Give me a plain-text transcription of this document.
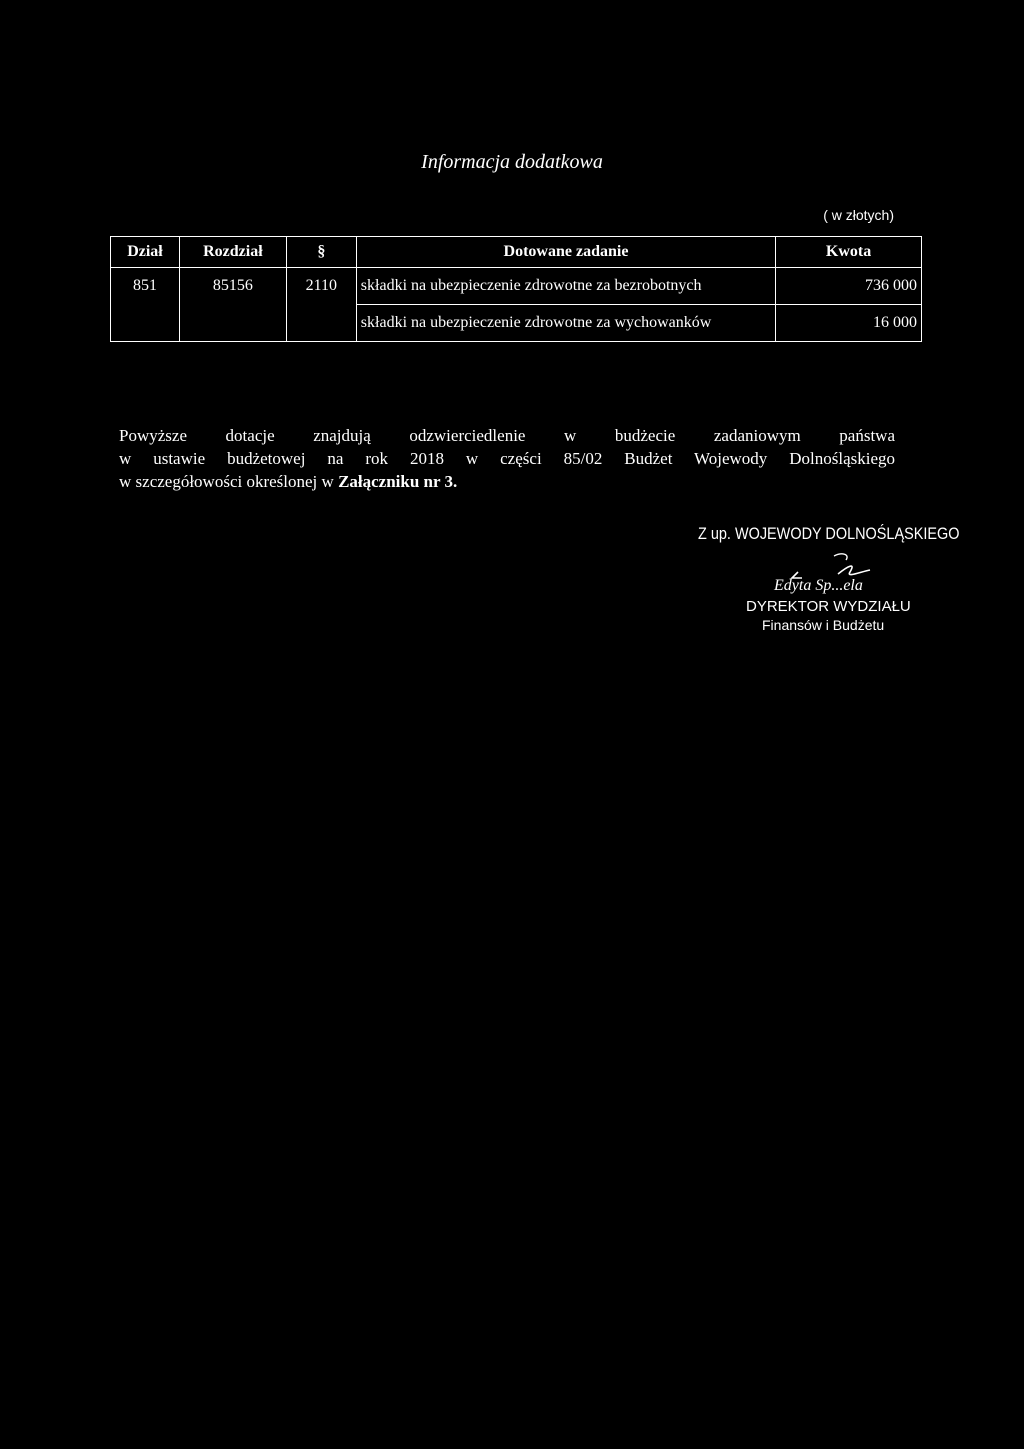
Informacja dodatkowa
( w złotych)
Dział	Rozdział	§	Dotowane zadanie	Kwota
851	85156	2110	składki na ubezpieczenie zdrowotne za bezrobotnych	736 000
			składki na ubezpieczenie zdrowotne za wychowanków	16 000
Powyższe dotacje znajdują odzwierciedlenie w budżecie zadaniowym państwa
w ustawie budżetowej na rok 2018 w części 85/02 Budżet Wojewody Dolnośląskiego
w szczegółowości określonej w Załączniku nr 3.
Z up. WOJEWODY DOLNOŚLĄSKIEGO
Edyta Sp...ela
DYREKTOR WYDZIAŁU
Finansów i Budżetu
